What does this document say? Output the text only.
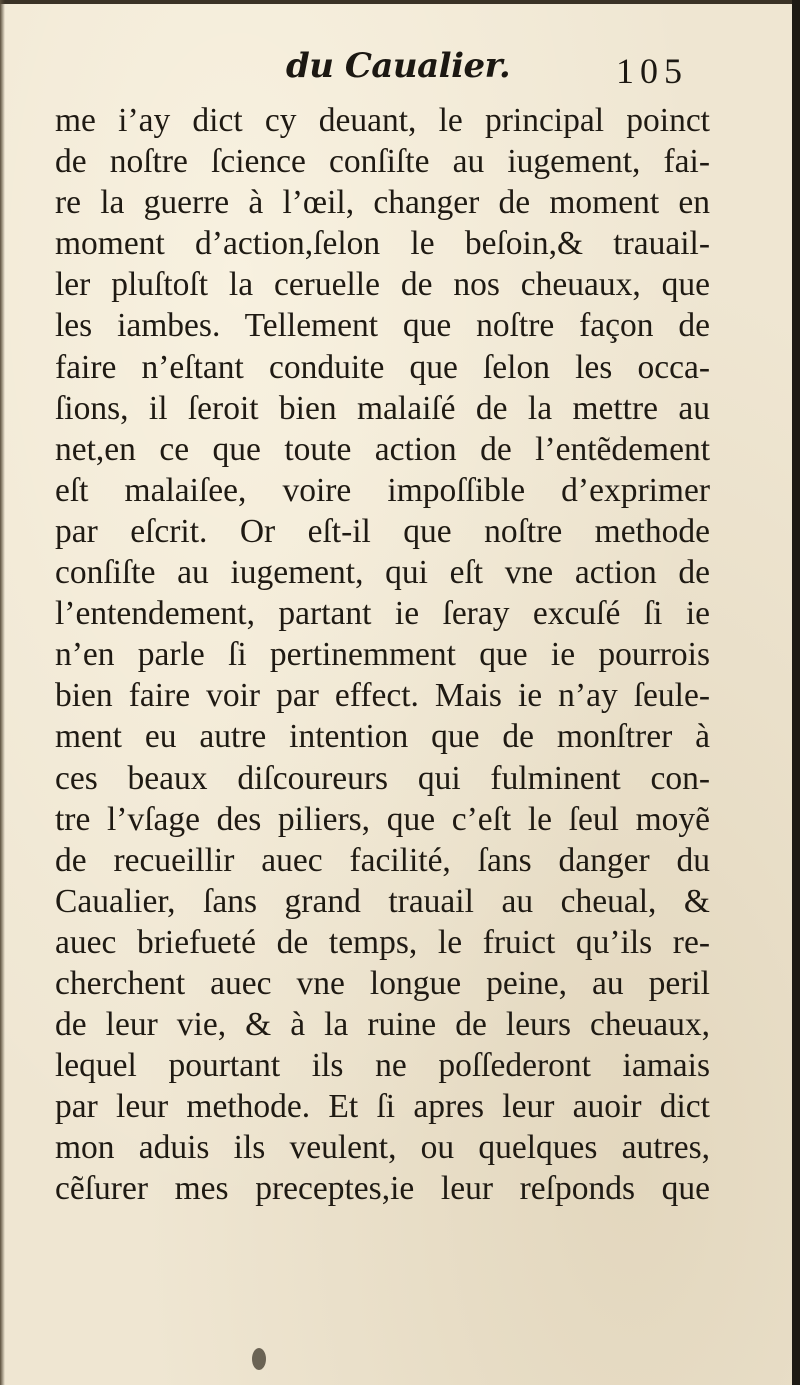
du Caualier.	105
me i’ay dict cy deuant, le principal poinct
de noſtre ſcience conſiſte au iugement, fai-
re la guerre à l’œil, changer de moment en
moment d’action,ſelon le beſoin,& trauail-
ler pluſtoſt la ceruelle de nos cheuaux, que
les iambes. Tellement que noſtre façon de
faire n’eſtant conduite que ſelon les occa-
ſions, il ſeroit bien malaiſé de la mettre au
net,en ce que toute action de l’entẽdement
eſt malaiſee, voire impoſſible d’exprimer
par eſcrit. Or eſt-il que noſtre methode
conſiſte au iugement, qui eſt vne action de
l’entendement, partant ie ſeray excuſé ſi ie
n’en parle ſi pertinemment que ie pourrois
bien faire voir par effect. Mais ie n’ay ſeule-
ment eu autre intention que de monſtrer à
ces beaux diſcoureurs qui fulminent con-
tre l’vſage des piliers, que c’eſt le ſeul moyẽ
de recueillir auec facilité, ſans danger du
Caualier, ſans grand trauail au cheual, &
auec briefueté de temps, le fruict qu’ils re-
cherchent auec vne longue peine, au peril
de leur vie, & à la ruine de leurs cheuaux,
lequel pourtant ils ne poſſederont iamais
par leur methode. Et ſi apres leur auoir dict
mon aduis ils veulent, ou quelques autres,
cẽſurer mes preceptes,ie leur reſponds que
